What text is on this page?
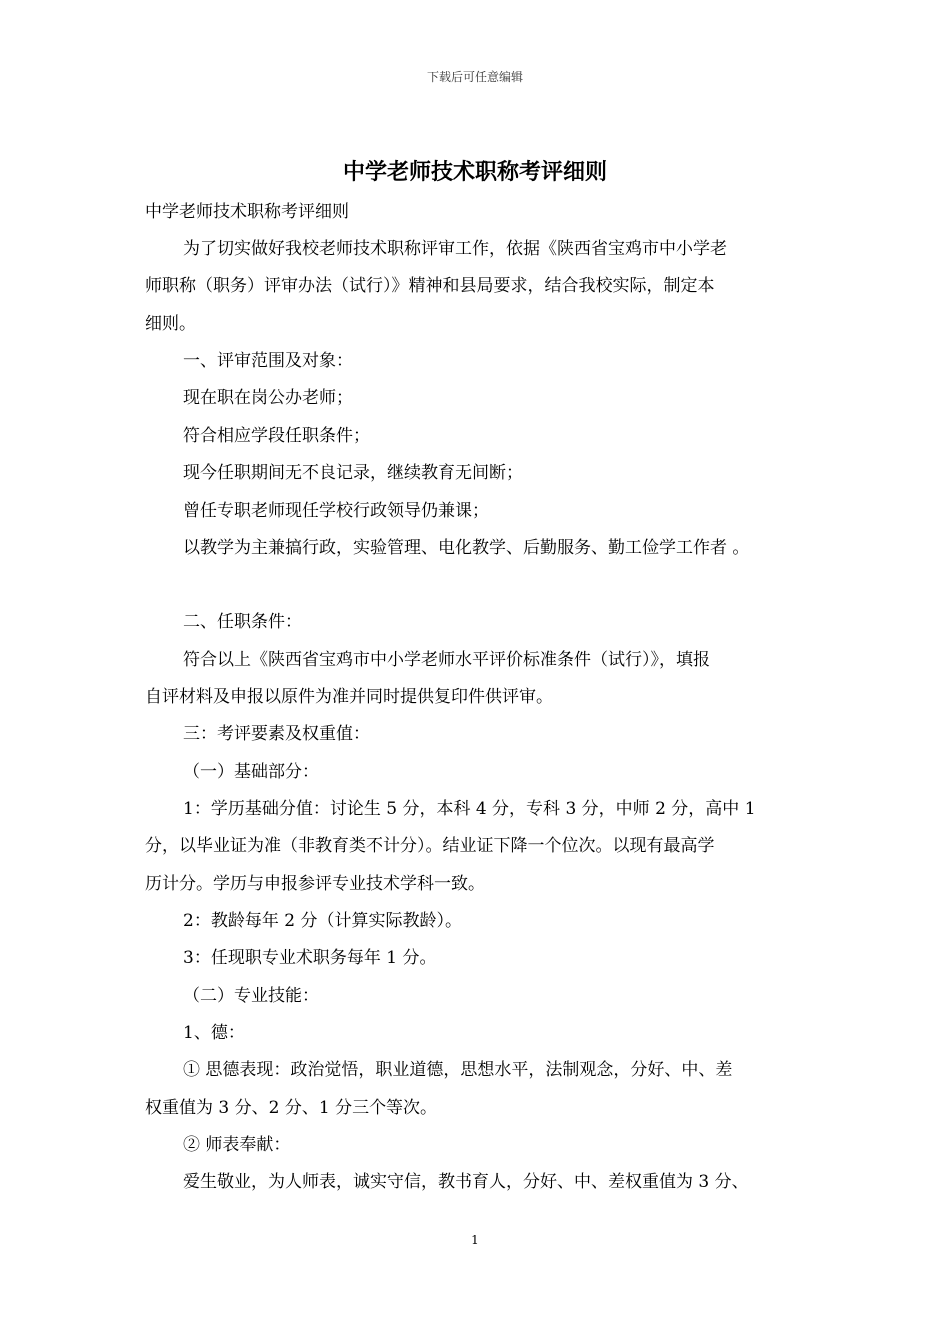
下载后可任意编辑
中学老师技术职称考评细则
中学老师技术职称考评细则
为了切实做好我校老师技术职称评审工作，依据《陕西省宝鸡市中小学老
师职称（职务）评审办法（试行）》精神和县局要求，结合我校实际，制定本
细则。
一、评审范围及对象：
现在职在岗公办老师；
符合相应学段任职条件；
现今任职期间无不良记录，继续教育无间断；
曾任专职老师现任学校行政领导仍兼课；
以教学为主兼搞行政，实验管理、电化教学、后勤服务、勤工俭学工作者 。
二、任职条件：
符合以上《陕西省宝鸡市中小学老师水平评价标准条件（试行）》，填报
自评材料及申报以原件为准并同时提供复印件供评审。
三：考评要素及权重值：
（一）基础部分：
1：学历基础分值：讨论生 5 分，本科 4 分，专科 3 分，中师 2 分，高中 1
分，以毕业证为准（非教育类不计分）。结业证下降一个位次。以现有最高学
历计分。学历与申报参评专业技术学科一致。
2：教龄每年 2 分（计算实际教龄）。
3：任现职专业术职务每年 1 分。
（二）专业技能：
1、德：
① 思德表现：政治觉悟，职业道德，思想水平，法制观念，分好、中、差
权重值为 3 分、2 分、1 分三个等次。
② 师表奉献：
爱生敬业，为人师表，诚实守信，教书育人，分好、中、差权重值为 3 分、
1
